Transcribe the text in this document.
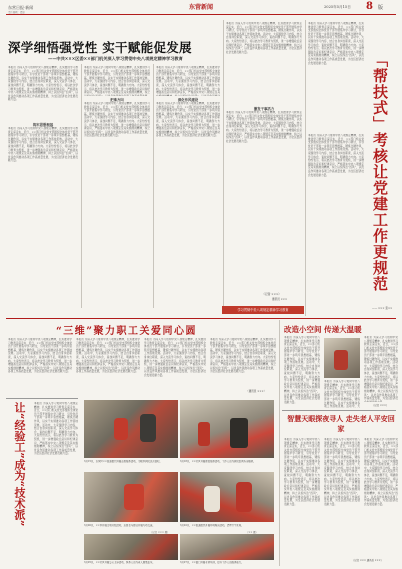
东营日报·新闻	东营新闻	2025年5月15日 8 版
责任编辑：谭卓
深学细悟强党性 实干赋能促发展
——中共×××区委××部门机关深入学习贯彻中央八项规定精神学习教育
本报讯 为深入学习贯彻中央八项规定精神，扎实推进学习教育走深走实，近日，××部门机关党支部组织全体党员干部开展集中学习研讨，引导党员干部进一步筑牢思想根基，锤炼过硬作风，以实干实绩推动各项工作落地见效。活动中，大家围绕学习内容，结合自身岗位职责，深入交流学习体会，查找问题不足，明确努力方向。大家纷纷表示，将以此次学习教育为契机，进一步增强政治意识和纪律意识，严格落实中央八项规定及其实施细则精神，持之以恒纠治“四风”，以优良作风推动各项工作高质量发展，为全区经济社会发展贡献力量。
筑牢思想根基
本报讯 为深入学习贯彻中央八项规定精神，扎实推进学习教育走深走实，近日，××部门机关党支部组织全体党员干部开展集中学习研讨，引导党员干部进一步筑牢思想根基，锤炼过硬作风，以实干实绩推动各项工作落地见效。活动中，大家围绕学习内容，结合自身岗位职责，深入交流学习体会，查找问题不足，明确努力方向。大家纷纷表示，将以此次学习教育为契机，进一步增强政治意识和纪律意识，严格落实中央八项规定及其实施细则精神，持之以恒纠治“四风”，以优良作风推动各项工作高质量发展，为全区经济社会发展贡献力量。
本报讯 为深入学习贯彻中央八项规定精神，扎实推进学习教育走深走实，近日，××部门机关党支部组织全体党员干部开展集中学习研讨，引导党员干部进一步筑牢思想根基，锤炼过硬作风，以实干实绩推动各项工作落地见效。活动中，大家围绕学习内容，结合自身岗位职责，深入交流学习体会，查找问题不足，明确努力方向。大家纷纷表示，将以此次学习教育为契机，进一步增强政治意识和纪律意识，严格落实中央八项规定及其实施细则精神，持之
把准方向
本报讯 为深入学习贯彻中央八项规定精神，扎实推进学习教育走深走实，近日，××部门机关党支部组织全体党员干部开展集中学习研讨，引导党员干部进一步筑牢思想根基，锤炼过硬作风，以实干实绩推动各项工作落地见效。活动中，大家围绕学习内容，结合自身岗位职责，深入交流学习体会，查找问题不足，明确努力方向。大家纷纷表示，将以此次学习教育为契机，进一步增强政治意识和纪律意识，严格落实中央八项规定及其实施细则精神，持之以恒纠治“四风”，以优良作风推动各项工作高质量发展，为全区经济社会发展贡献力量。
本报讯 为深入学习贯彻中央八项规定精神，扎实推进学习教育走深走实，近日，××部门机关党支部组织全体党员干部开展集中学习研讨，引导党员干部进一步筑牢思想根基，锤炼过硬作风，以实干实绩推动各项工作落地见效。活动中，大家围绕学习内容，结合自身岗位职责，深入交流学习体会，查找问题不足，明确努力方向。大家纷纷表示，将以此次学习教育为契机，进一步增强政治意识和纪律意识，严格落实中央八项规定及其
深化作风建设
本报讯 为深入学习贯彻中央八项规定精神，扎实推进学习教育走深走实，近日，××部门机关党支部组织全体党员干部开展集中学习研讨，引导党员干部进一步筑牢思想根基，锤炼过硬作风，以实干实绩推动各项工作落地见效。活动中，大家围绕学习内容，结合自身岗位职责，深入交流学习体会，查找问题不足，明确努力方向。大家纷纷表示，将以此次学习教育为契机，进一步增强政治意识和纪律意识，严格落实中央八项规定及其实施细则精神，持之以恒纠治“四风”，以优良作风推动各项工作高质量发展，为全区经济社会发展贡献力量。
本报讯 为深入学习贯彻中央八项规定精神，扎实推进学习教育走深走实，近日，××部门机关党支部组织全体党员干部开展集中学习研讨，引导党员干部进一步筑牢思想根基，锤炼过硬作风，以实干实绩推动各项工作落地见效。活动中，大家围绕学习内容，结合自身岗位职责，深入交流学习体会，查找问题不足，明确努力方向。大家纷纷表示，将以此次学习教育为契机，进一步增强政治意识和纪律意识，严格落实中央八项规定及其实施细则精神，持之以恒纠治“四风”，以优良作风推动各项工作高质量发展，为全区经济社会发展贡献力量。
激发干事活力
本报讯 为深入学习贯彻中央八项规定精神，扎实推进学习教育走深走实，近日，××部门机关党支部组织全体党员干部开展集中学习研讨，引导党员干部进一步筑牢思想根基，锤炼过硬作风，以实干实绩推动各项工作落地见效。活动中，大家围绕学习内容，结合自身岗位职责，深入交流学习体会，查找问题不足，明确努力方向。大家纷纷表示，将以此次学习教育为契机，进一步增强政治意识和纪律意识，严格落实中央八项规定及其实施细则精神，持之以恒纠治“四风”，以优良作风推动各项工作高质量发展，为全区经济社会发展贡献力量。
（记者 ×××）
通讯员 ×××
学习贯彻中央八项规定精神学习教育
本报讯 为深入学习贯彻中央八项规定精神，扎实推进学习教育走深走实，近日，××部门机关党支部组织全体党员干部开展集中学习研讨，引导党员干部进一步筑牢思想根基，锤炼过硬作风，以实干实绩推动各项工作落地见效。活动中，大家围绕学习内容，结合自身岗位职责，深入交流学习体会，查找问题不足，明确努力方向。大家纷纷表示，将以此次学习教育为契机，进一步增强政治意识和纪律意识，严格落实中央八项规定及其实施细则精神，持之以恒纠治“四风”，以优良作风推动各项工作高质量发展，为全区经济社会发展贡献力量。	「帮扶式」考核让党建工作更规范
本报讯 为深入学习贯彻中央八项规定精神，扎实推进学习教育走深走实，近日，××部门机关党支部组织全体党员干部开展集中学习研讨，引导党员干部进一步筑牢思想根基，锤炼过硬作风，以实干实绩推动各项工作落地见效。活动中，大家围绕学习内容，结合自身岗位职责，深入交流学习体会，查找问题不足，明确努力方向。大家纷纷表示，将以此次学习教育为契机，进一步增强政治意识和纪律意识，严格落实中央八项规定及其实施细则精神，持之以恒纠治“四风”，以优良作风推动各项工作高质量发展，为全区经济社会发展贡献力量。
—— ××× 张××
“三维”聚力职工关爱同心圆
本报讯 为深入学习贯彻中央八项规定精神，扎实推进学习教育走深走实，近日，××部门机关党支部组织全体党员干部开展集中学习研讨，引导党员干部进一步筑牢思想根基，锤炼过硬作风，以实干实绩推动各项工作落地见效。活动中，大家围绕学习内容，结合自身岗位职责，深入交流学习体会，查找问题不足，明确努力方向。大家纷纷表示，将以此次学习教育为契机，进一步增强政治意识和纪律意识，严格落实中央八项规定及其实施细则精神，持之以恒纠治“四风”，以优良作风推动各项工作高质量发展，为全区经济社会发展贡献力量。
本报讯 为深入学习贯彻中央八项规定精神，扎实推进学习教育走深走实，近日，××部门机关党支部组织全体党员干部开展集中学习研讨，引导党员干部进一步筑牢思想根基，锤炼过硬作风，以实干实绩推动各项工作落地见效。活动中，大家围绕学习内容，结合自身岗位职责，深入交流学习体会，查找问题不足，明确努力方向。大家纷纷表示，将以此次学习教育为契机，进一步增强政治意识和纪律意识，严格落实中央八项规定及其实施细则精神，持之以恒纠治“四风”，以优良作风推动各项工作高质量发展，为全区经济社会发展贡献力量。
本报讯 为深入学习贯彻中央八项规定精神，扎实推进学习教育走深走实，近日，××部门机关党支部组织全体党员干部开展集中学习研讨，引导党员干部进一步筑牢思想根基，锤炼过硬作风，以实干实绩推动各项工作落地见效。活动中，大家围绕学习内容，结合自身岗位职责，深入交流学习体会，查找问题不足，明确努力方向。大家纷纷表示，将以此次学习教育为契机，进一步增强政治意识和纪律意识，严格落实中央八项规定及其实施细则精神，持之以恒纠治“四风”，以优良作风推动各项工作高质量发展，为全区经济社会发展贡献力量。
本报讯 为深入学习贯彻中央八项规定精神，扎实推进学习教育走深走实，近日，××部门机关党支部组织全体党员干部开展集中学习研讨，引导党员干部进一步筑牢思想根基，锤炼过硬作风，以实干实绩推动各项工作落地见效。活动中，大家围绕学习内容，结合自身岗位职责，深入交流学习体会，查找问题不足，明确努力方向。大家纷纷表示，将以此次学习教育为契机，进一步增强政治意识和纪律意识，严格落实中央八项规定及其实施细则精神，持之以恒纠治“四风”，以优良作风推动各项工作高质量发展，为全区经济社会发展贡献力量。
（通讯员 ×××）
让“经验工”成为“技术派”	本报讯 为深入学习贯彻中央八项规定精神，扎实推进学习教育走深走实，近日，××部门机关党支部组织全体党员干部开展集中学习研讨，引导党员干部进一步筑牢思想根基，锤炼过硬作风，以实干实绩推动各项工作落地见效。活动中，大家围绕学习内容，结合自身岗位职责，深入交流学习体会，查找问题不足，明确努力方向。大家纷纷表示，将以此次学习教育为契机，进一步增强政治意识和纪律意识，严格落实中央八项规定及其实施细则精神，持之以恒纠治“四风”，以优良作风推动各项工作高质量发展，为全区经济社会发展贡献力量。
3月15日，东营区××街道组织开展志愿服务活动，为辖区居民送去温暖。	3月18日，××社区开展便民服务活动，工作人员为居民提供咨询服务。
3月20日，××区开展文明实践活动，志愿者与群众开展互动交流。	3月22日，××街道组织开展环境整治活动，清理卫生死角。
3月25日，××社区开展爱心义诊活动，医务人员为老人测量血压。	3月27日，××部门开展业务培训，提升工作人员服务能力。
（记者 ××× 摄）	（×× 摄）
改造小空间 传递大温暖
本报讯 为深入学习贯彻中央八项规定精神，扎实推进学习教育走深走实，近日，××部门机关党支部组织全体党员干部开展集中学习研讨，引导党员干部进一步筑牢思想根基，锤炼过硬作风，以实干实绩推动各项工作落地见效。活动中，大家围绕学习内容，结合自身岗位职责，深入交流学习体会，查找问题不足，明确努力方向。大家纷纷表示，将以此次学习教育为契机，进一步增强政治意识和纪律意识，严格落实中央八项规定及其实施细则精神，持之以恒纠治“四风”，以优良作风推动各项工作高质量发展，为全区经济社会发展贡献力量。
本报讯 为深入学习贯彻中央八项规定精神，扎实推进学习教育走深走实，近日，××部门机关党支部组织全体党员干部开展集中学习研讨，引导党员干部进一步筑牢思想根基，锤炼过硬作风，以实干实绩推动各项工作落地见效。活动中，大
本报讯 为深入学习贯彻中央八项规定精神，扎实推进学习教育走深走实，近日，××部门机关党支部组织全体党员干部开展集中学习研讨，引导党员干部进一步筑牢思想根基，锤炼过硬作风，以实干实绩推动各项工作落地见效。活动中，大家围绕学习内容，结合自身岗位职责，深入交流学习体会，查找问题不足，明确努力方向。大家纷纷表示，将以此次学习教育为契机，进一步增强政治意识和纪律意识，严格落实中央八项规定及其实施细则精神，持之以恒纠治“四风”，以优良作风推动各项工作高质量发展，为全区经济社
（记者 ×××）
智慧天眼探夜寻人 走失老人平安回家
本报讯 为深入学习贯彻中央八项规定精神，扎实推进学习教育走深走实，近日，××部门机关党支部组织全体党员干部开展集中学习研讨，引导党员干部进一步筑牢思想根基，锤炼过硬作风，以实干实绩推动各项工作落地见效。活动中，大家围绕学习内容，结合自身岗位职责，深入交流学习体会，查找问题不足，明确努力方向。大家纷纷表示，将以此次学习教育为契机，进一步增强政治意识和纪律意识，严格落实中央八项规定及其实施细则精神，持之以恒纠治“四风”，以优良作风推动各项工作高质量发展，为全区经济社会发展贡献力量。
本报讯 为深入学习贯彻中央八项规定精神，扎实推进学习教育走深走实，近日，××部门机关党支部组织全体党员干部开展集中学习研讨，引导党员干部进一步筑牢思想根基，锤炼过硬作风，以实干实绩推动各项工作落地见效。活动中，大家围绕学习内容，结合自身岗位职责，深入交流学习体会，查找问题不足，明确努力方向。大家纷纷表示，将以此次学习教育为契机，进一步增强政治意识和纪律意识，严格落实中央八项规定及其实施细则精神，持之以恒纠治“四风”，以优良作风推动各项工作高质量发展，为全区经济社会发展贡献力量。
本报讯 为深入学习贯彻中央八项规定精神，扎实推进学习教育走深走实，近日，××部门机关党支部组织全体党员干部开展集中学习研讨，引导党员干部进一步筑牢思想根基，锤炼过硬作风，以实干实绩推动各项工作落地见效。活动中，大家围绕学习内容，结合自身岗位职责，深入交流学习体会，查找问题不足，明确努力方向。大家纷纷表示，将以此次学习教育为契机，进一步增强政治意识和纪律意识，严格落实中央八项规定及其实施细则精神，持之以恒纠治“四风”，以优良作风推动各项工作高质量发展，为全区经济社会发展贡献力量。
（记者 ××× 通讯员 ×××）
